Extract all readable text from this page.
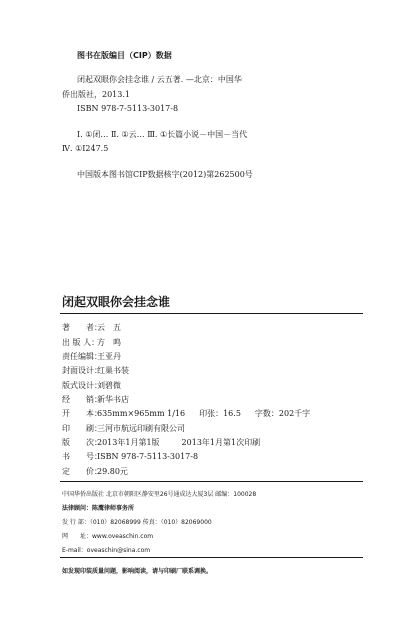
图书在版编目（CIP）数据
闭起双眼你会挂念谁 / 云五著. —北京：中国华
侨出版社，2013.1
ISBN 978-7-5113-3017-8
Ⅰ. ①闭… Ⅱ. ①云… Ⅲ. ①长篇小说－中国－当代
Ⅳ. ①I247.5
中国版本图书馆CIP数据核字(2012)第262500号
闭起双眼你会挂念谁
著　　者：云　五
出 版 人：方　鸣
责任编辑：王亚丹
封面设计：红巢书装
版式设计：刘碧微
经　　销：新华书店
开　　本：635mm×965mm 1/16 印张：16.5 字数：202千字
印　　刷：三河市航远印刷有限公司
版　　次：2013年1月第1版	2013年1月第1次印刷
书　　号：ISBN 978-7-5113-3017-8
定　　价：29.80元
中国华侨出版社 北京市朝阳区静安里26号通成达大厦3层 邮编：100028
法律顾问：陈鹰律师事务所
发 行 部：（010）82068999 传真：（010）82069000
网　　址：www.oveaschin.com
E-mail：oveaschin@sina.com
如发现印装质量问题，影响阅读，请与印刷厂联系调换。
